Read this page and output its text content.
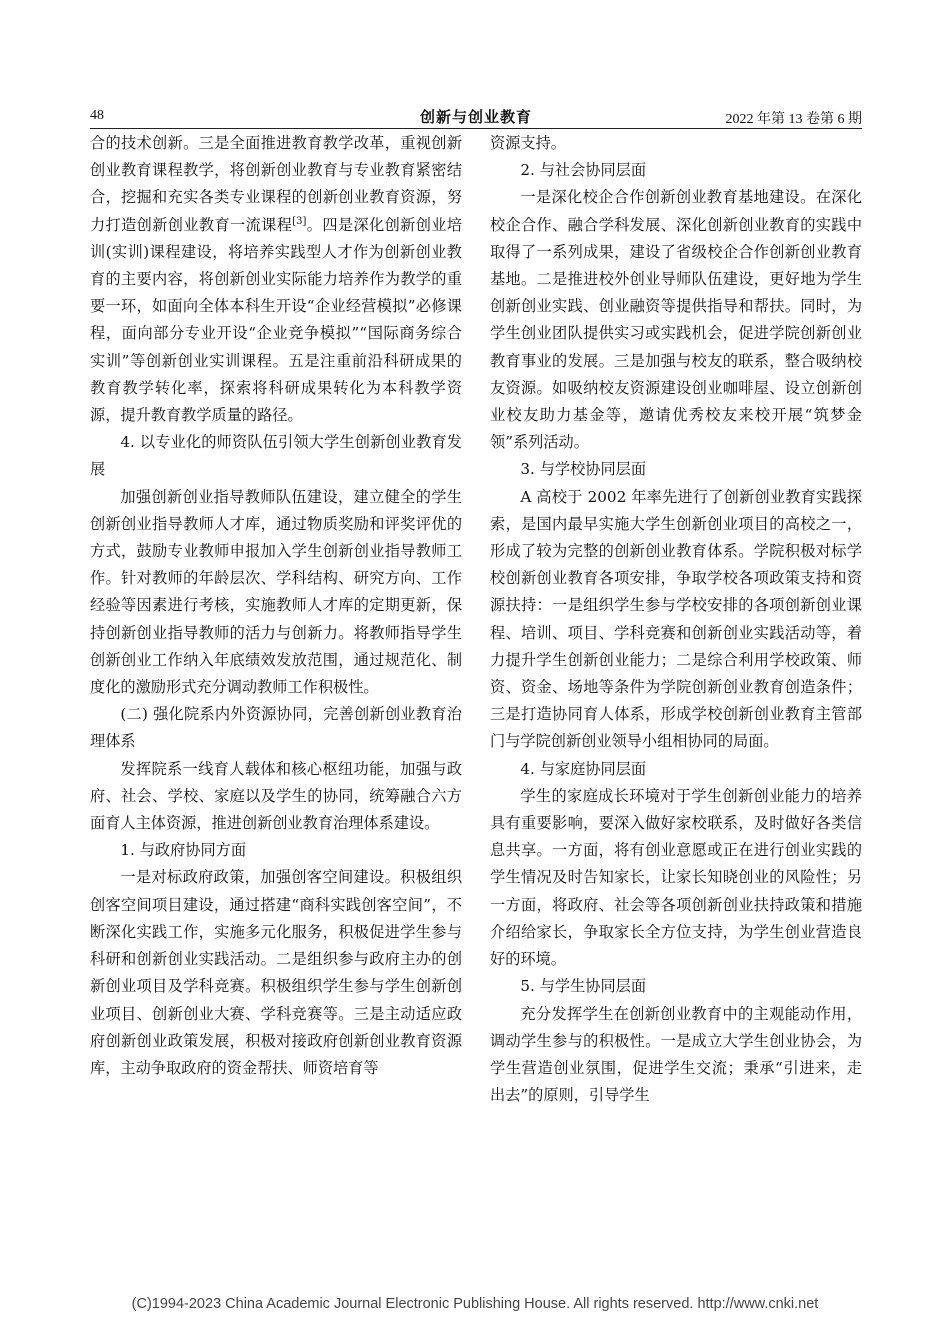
48	创新与创业教育	2022 年第 13 卷第 6 期

合的技术创新。三是全面推进教育教学改革，重视创新创业教育课程教学，将创新创业教育与专业教育紧密结合，挖掘和充实各类专业课程的创新创业教育资源，努力打造创新创业教育一流课程[3]。四是深化创新创业培训(实训)课程建设，将培养实践型人才作为创新创业教育的主要内容，将创新创业实际能力培养作为教学的重要一环，如面向全体本科生开设“企业经营模拟”必修课程，面向部分专业开设“企业竞争模拟”“国际商务综合实训”等创新创业实训课程。五是注重前沿科研成果的教育教学转化率，探索将科研成果转化为本科教学资源，提升教育教学质量的路径。

4. 以专业化的师资队伍引领大学生创新创业教育发展

加强创新创业指导教师队伍建设，建立健全的学生创新创业指导教师人才库，通过物质奖励和评奖评优的方式，鼓励专业教师申报加入学生创新创业指导教师工作。针对教师的年龄层次、学科结构、研究方向、工作经验等因素进行考核，实施教师人才库的定期更新，保持创新创业指导教师的活力与创新力。将教师指导学生创新创业工作纳入年底绩效发放范围，通过规范化、制度化的激励形式充分调动教师工作积极性。

(二) 强化院系内外资源协同，完善创新创业教育治理体系

发挥院系一线育人载体和核心枢纽功能，加强与政府、社会、学校、家庭以及学生的协同，统筹融合六方面育人主体资源，推进创新创业教育治理体系建设。

1. 与政府协同方面

一是对标政府政策，加强创客空间建设。积极组织创客空间项目建设，通过搭建“商科实践创客空间”，不断深化实践工作，实施多元化服务，积极促进学生参与科研和创新创业实践活动。二是组织参与政府主办的创新创业项目及学科竞赛。积极组织学生参与学生创新创业项目、创新创业大赛、学科竞赛等。三是主动适应政府创新创业政策发展，积极对接政府创新创业教育资源库，主动争取政府的资金帮扶、师资培育等

资源支持。

2. 与社会协同层面

一是深化校企合作创新创业教育基地建设。在深化校企合作、融合学科发展、深化创新创业教育的实践中取得了一系列成果，建设了省级校企合作创新创业教育基地。二是推进校外创业导师队伍建设，更好地为学生创新创业实践、创业融资等提供指导和帮扶。同时，为学生创业团队提供实习或实践机会，促进学院创新创业教育事业的发展。三是加强与校友的联系，整合吸纳校友资源。如吸纳校友资源建设创业咖啡屋、设立创新创业校友助力基金等，邀请优秀校友来校开展“筑梦金领”系列活动。

3. 与学校协同层面

A 高校于 2002 年率先进行了创新创业教育实践探索，是国内最早实施大学生创新创业项目的高校之一，形成了较为完整的创新创业教育体系。学院积极对标学校创新创业教育各项安排，争取学校各项政策支持和资源扶持：一是组织学生参与学校安排的各项创新创业课程、培训、项目、学科竞赛和创新创业实践活动等，着力提升学生创新创业能力；二是综合利用学校政策、师资、资金、场地等条件为学院创新创业教育创造条件；三是打造协同育人体系，形成学校创新创业教育主管部门与学院创新创业领导小组相协同的局面。

4. 与家庭协同层面

学生的家庭成长环境对于学生创新创业能力的培养具有重要影响，要深入做好家校联系，及时做好各类信息共享。一方面，将有创业意愿或正在进行创业实践的学生情况及时告知家长，让家长知晓创业的风险性；另一方面，将政府、社会等各项创新创业扶持政策和措施介绍给家长，争取家长全方位支持，为学生创业营造良好的环境。

5. 与学生协同层面

充分发挥学生在创新创业教育中的主观能动作用，调动学生参与的积极性。一是成立大学生创业协会，为学生营造创业氛围，促进学生交流；秉承“引进来，走出去”的原则，引导学生

(C)1994-2023 China Academic Journal Electronic Publishing House. All rights reserved. http://www.cnki.net
